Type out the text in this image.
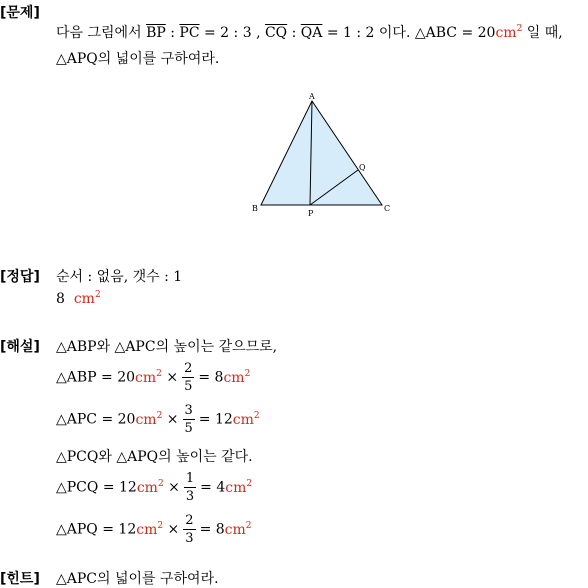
[문제]
다음 그림에서 $\overline{BP}$ : $\overline{PC} = 2$ : 3 , $\overline{CQ}$ : $\overline{QA} = 1$ : 2 이다. △ABC = $20cm^2$ 일 때,
△APQ의 넓이를 구하여라.
A
B	C
P
Q
[정답] 순서 : 없음, 갯수 : 1
8 $cm^2$
[해설] △ABP와 △APC의 높이는 같으므로,
△ABP = $20cm^2 \times \frac{2}{5} = 8cm^2$
△APC = $20cm^2 \times \frac{3}{5} = 12cm^2$
△PCQ와 △APQ의 높이는 같다.
△PCQ = $12cm^2 \times \frac{1}{3} = 4cm^2$
△APQ = $12cm^2 \times \frac{2}{3} = 8cm^2$
[힌트] △APC의 넓이를 구하여라.
